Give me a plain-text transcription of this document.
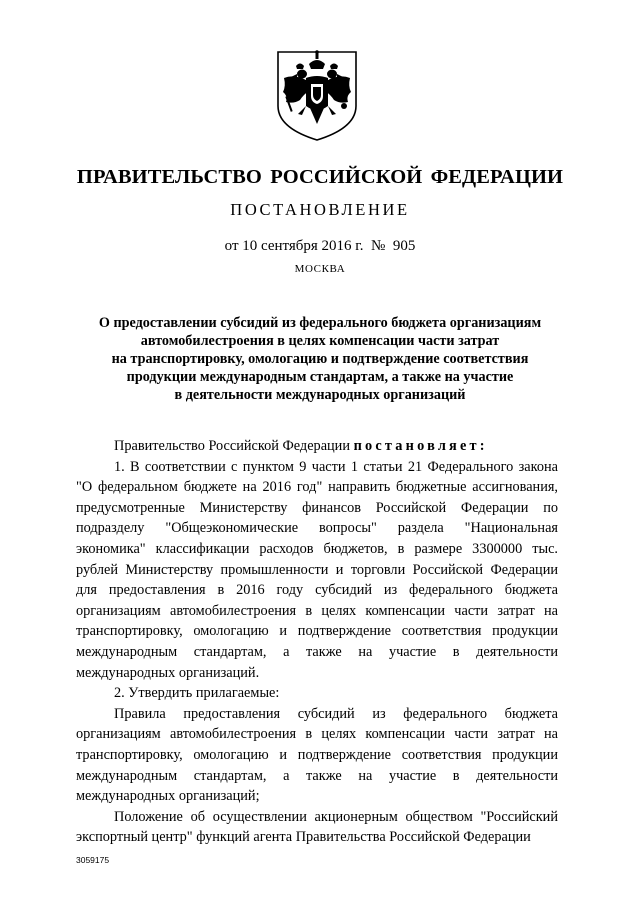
ПРАВИТЕЛЬСТВО РОССИЙСКОЙ ФЕДЕРАЦИИ
ПОСТАНОВЛЕНИЕ
от 10 сентября 2016 г.  №  905
МОСКВА
О предоставлении субсидий из федерального бюджета организациям
автомобилестроения в целях компенсации части затрат
на транспортировку, омологацию и подтверждение соответствия
продукции международным стандартам, а также на участие
в деятельности международных организаций

Правительство Российской Федерации постановляет:

1. В соответствии с пунктом 9 части 1 статьи 21 Федерального закона "О федеральном бюджете на 2016 год" направить бюджетные ассигнования, предусмотренные Министерству финансов Российской Федерации по подразделу "Общеэкономические вопросы" раздела "Национальная экономика" классификации расходов бюджетов, в размере 3300000 тыс. рублей Министерству промышленности и торговли Российской Федерации для предоставления в 2016 году субсидий из федерального бюджета организациям автомобилестроения в целях компенсации части затрат на транспортировку, омологацию и подтверждение соответствия продукции международным стандартам, а также на участие в деятельности международных организаций.

2. Утвердить прилагаемые:

Правила предоставления субсидий из федерального бюджета организациям автомобилестроения в целях компенсации части затрат на транспортировку, омологацию и подтверждение соответствия продукции международным стандартам, а также на участие в деятельности международных организаций;

Положение об осуществлении акционерным обществом "Российский экспортный центр" функций агента Правительства Российской Федерации

3059175
